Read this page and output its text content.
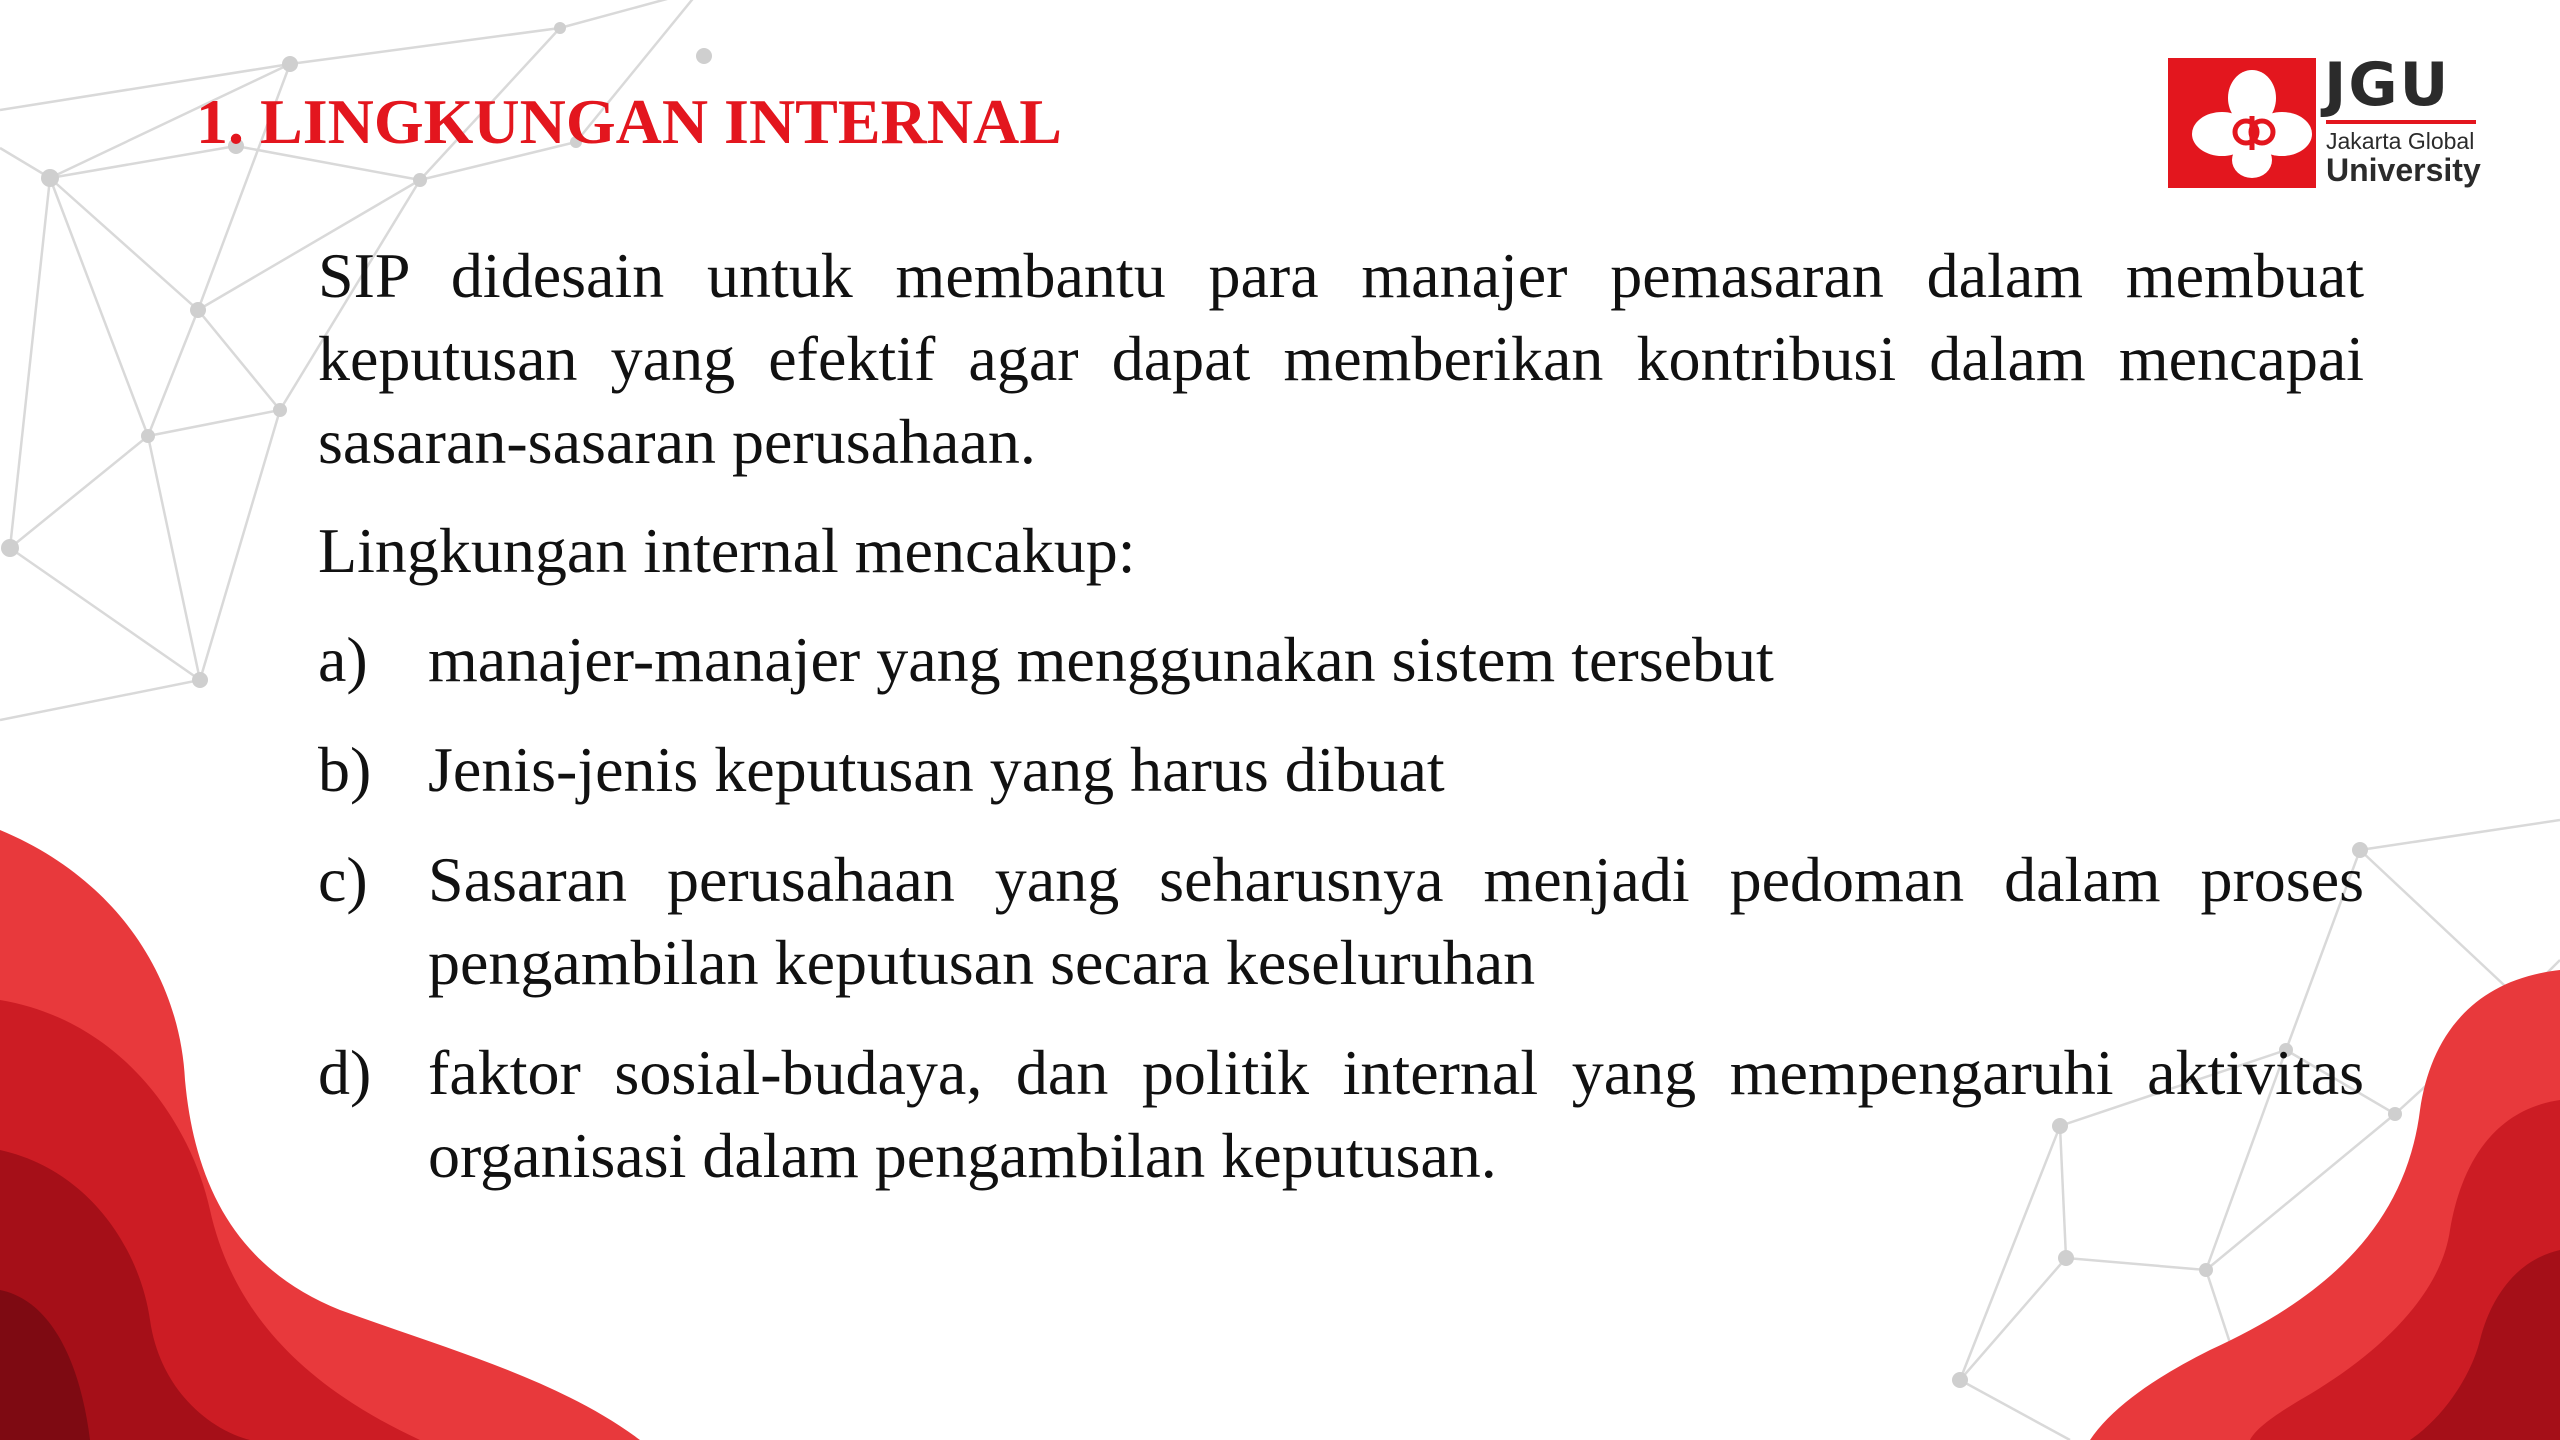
1. LINGKUNGAN INTERNAL
JGU
Jakarta Global
University

SIP didesain untuk membantu para manajer pemasaran dalam membuat keputusan yang efektif agar dapat memberikan kontribusi dalam mencapai sasaran-sasaran perusahaan.

Lingkungan internal mencakup:

a) manajer-manajer yang menggunakan sistem tersebut
b) Jenis-jenis keputusan yang harus dibuat
c) Sasaran perusahaan yang seharusnya menjadi pedoman dalam proses pengambilan keputusan secara keseluruhan
d) faktor sosial-budaya, dan politik internal yang mempengaruhi aktivitas organisasi dalam pengambilan keputusan.
